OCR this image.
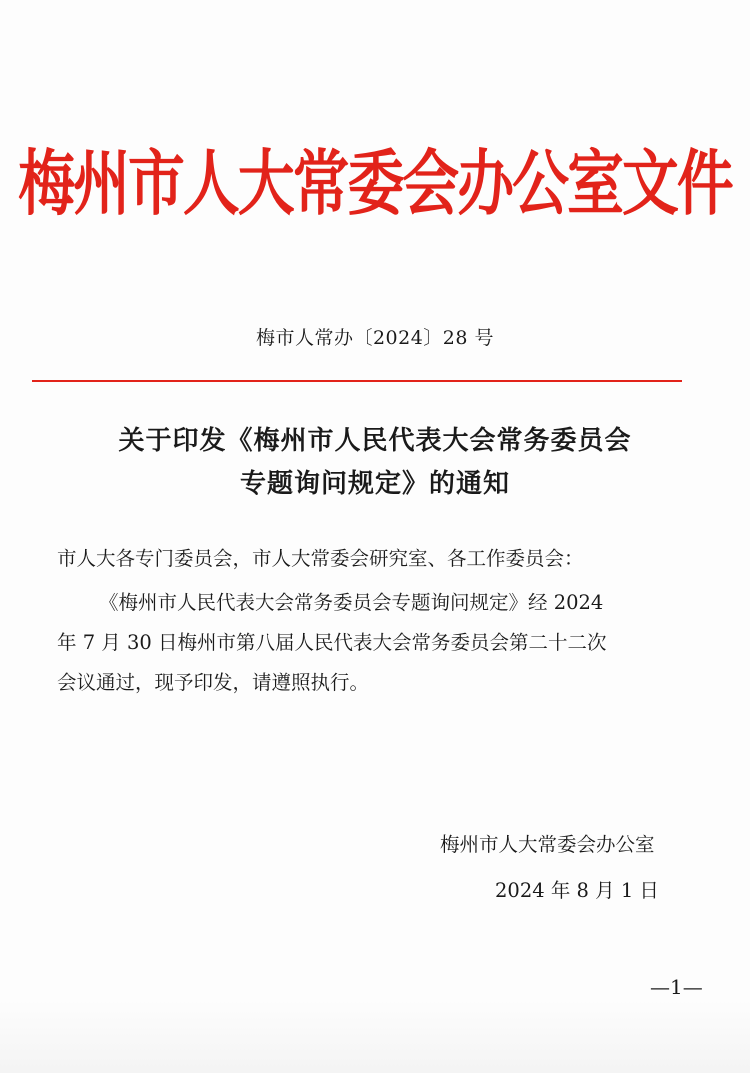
梅州市人大常委会办公室文件
梅市人常办〔2024〕28 号
关于印发《梅州市人民代表大会常务委员会
专题询问规定》的通知
市人大各专门委员会，市人大常委会研究室、各工作委员会：
《梅州市人民代表大会常务委员会专题询问规定》经 2024
年 7 月 30 日梅州市第八届人民代表大会常务委员会第二十二次
会议通过，现予印发，请遵照执行。
梅州市人大常委会办公室
2024 年 8 月 1 日
—1—
